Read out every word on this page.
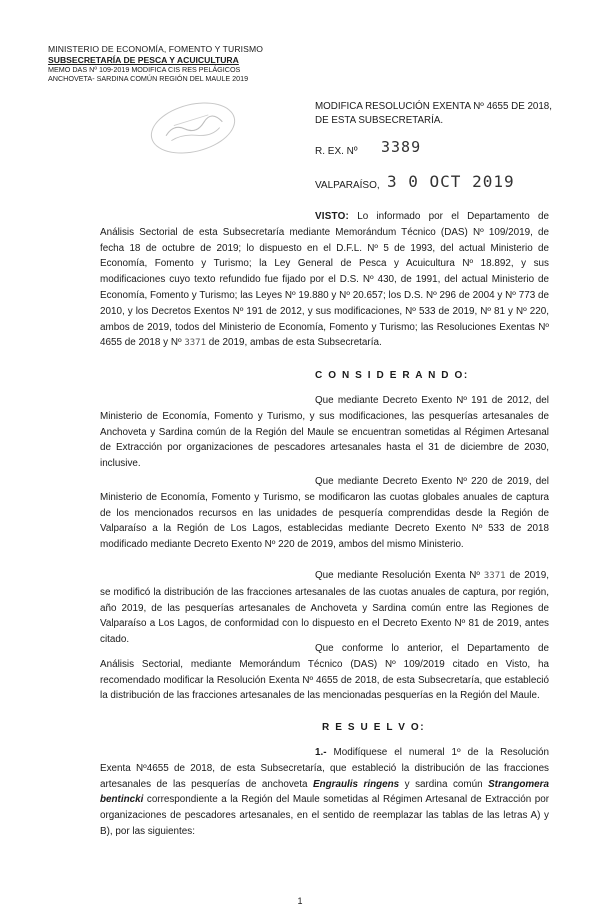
MINISTERIO DE ECONOMÍA, FOMENTO Y TURISMO
SUBSECRETARÍA DE PESCA Y ACUICULTURA
MEMO DAS Nº 109-2019 MODIFICA CIS RES PELÁGICOS
ANCHOVETA- SARDINA COMÚN REGIÓN DEL MAULE 2019
MODIFICA RESOLUCIÓN EXENTA Nº 4655 DE 2018,
DE ESTA SUBSECRETARÍA.
R. EX. Nº 3389
VALPARAÍSO, 3 0 OCT 2019
VISTO: Lo informado por el Departamento de Análisis Sectorial de esta Subsecretaría mediante Memorándum Técnico (DAS) Nº 109/2019, de fecha 18 de octubre de 2019; lo dispuesto en el D.F.L. Nº 5 de 1993, del actual Ministerio de Economía, Fomento y Turismo; la Ley General de Pesca y Acuicultura Nº 18.892, y sus modificaciones cuyo texto refundido fue fijado por el D.S. Nº 430, de 1991, del actual Ministerio de Economía, Fomento y Turismo; las Leyes Nº 19.880 y Nº 20.657; los D.S. Nº 296 de 2004 y Nº 773 de 2010, y los Decretos Exentos Nº 191 de 2012, y sus modificaciones, Nº 533 de 2019, Nº 81 y Nº 220, ambos de 2019, todos del Ministerio de Economía, Fomento y Turismo; las Resoluciones Exentas Nº 4655 de 2018 y Nº 3371 de 2019, ambas de esta Subsecretaría.
C O N S I D E R A N D O:
Que mediante Decreto Exento Nº 191 de 2012, del Ministerio de Economía, Fomento y Turismo, y sus modificaciones, las pesquerías artesanales de Anchoveta y Sardina común de la Región del Maule se encuentran sometidas al Régimen Artesanal de Extracción por organizaciones de pescadores artesanales hasta el 31 de diciembre de 2030, inclusive.
Que mediante Decreto Exento Nº 220 de 2019, del Ministerio de Economía, Fomento y Turismo, se modificaron las cuotas globales anuales de captura de los mencionados recursos en las unidades de pesquería comprendidas desde la Región de Valparaíso a la Región de Los Lagos, establecidas mediante Decreto Exento Nº 533 de 2018 modificado mediante Decreto Exento Nº 220 de 2019, ambos del mismo Ministerio.
Que mediante Resolución Exenta Nº 3371 de 2019, se modificó la distribución de las fracciones artesanales de las cuotas anuales de captura, por región, año 2019, de las pesquerías artesanales de Anchoveta y Sardina común entre las Regiones de Valparaíso a Los Lagos, de conformidad con lo dispuesto en el Decreto Exento Nº 81 de 2019, antes citado.
Que conforme lo anterior, el Departamento de Análisis Sectorial, mediante Memorándum Técnico (DAS) Nº 109/2019 citado en Visto, ha recomendado modificar la Resolución Exenta Nº 4655 de 2018, de esta Subsecretaría, que estableció la distribución de las fracciones artesanales de las mencionadas pesquerías en la Región del Maule.
R E S U E L V O:
1.- Modifíquese el numeral 1º de la Resolución Exenta Nº4655 de 2018, de esta Subsecretaría, que estableció la distribución de las fracciones artesanales de las pesquerías de anchoveta Engraulis ringens y sardina común Strangomera bentincki correspondiente a la Región del Maule sometidas al Régimen Artesanal de Extracción por organizaciones de pescadores artesanales, en el sentido de reemplazar las tablas de las letras A) y B), por las siguientes:
1
